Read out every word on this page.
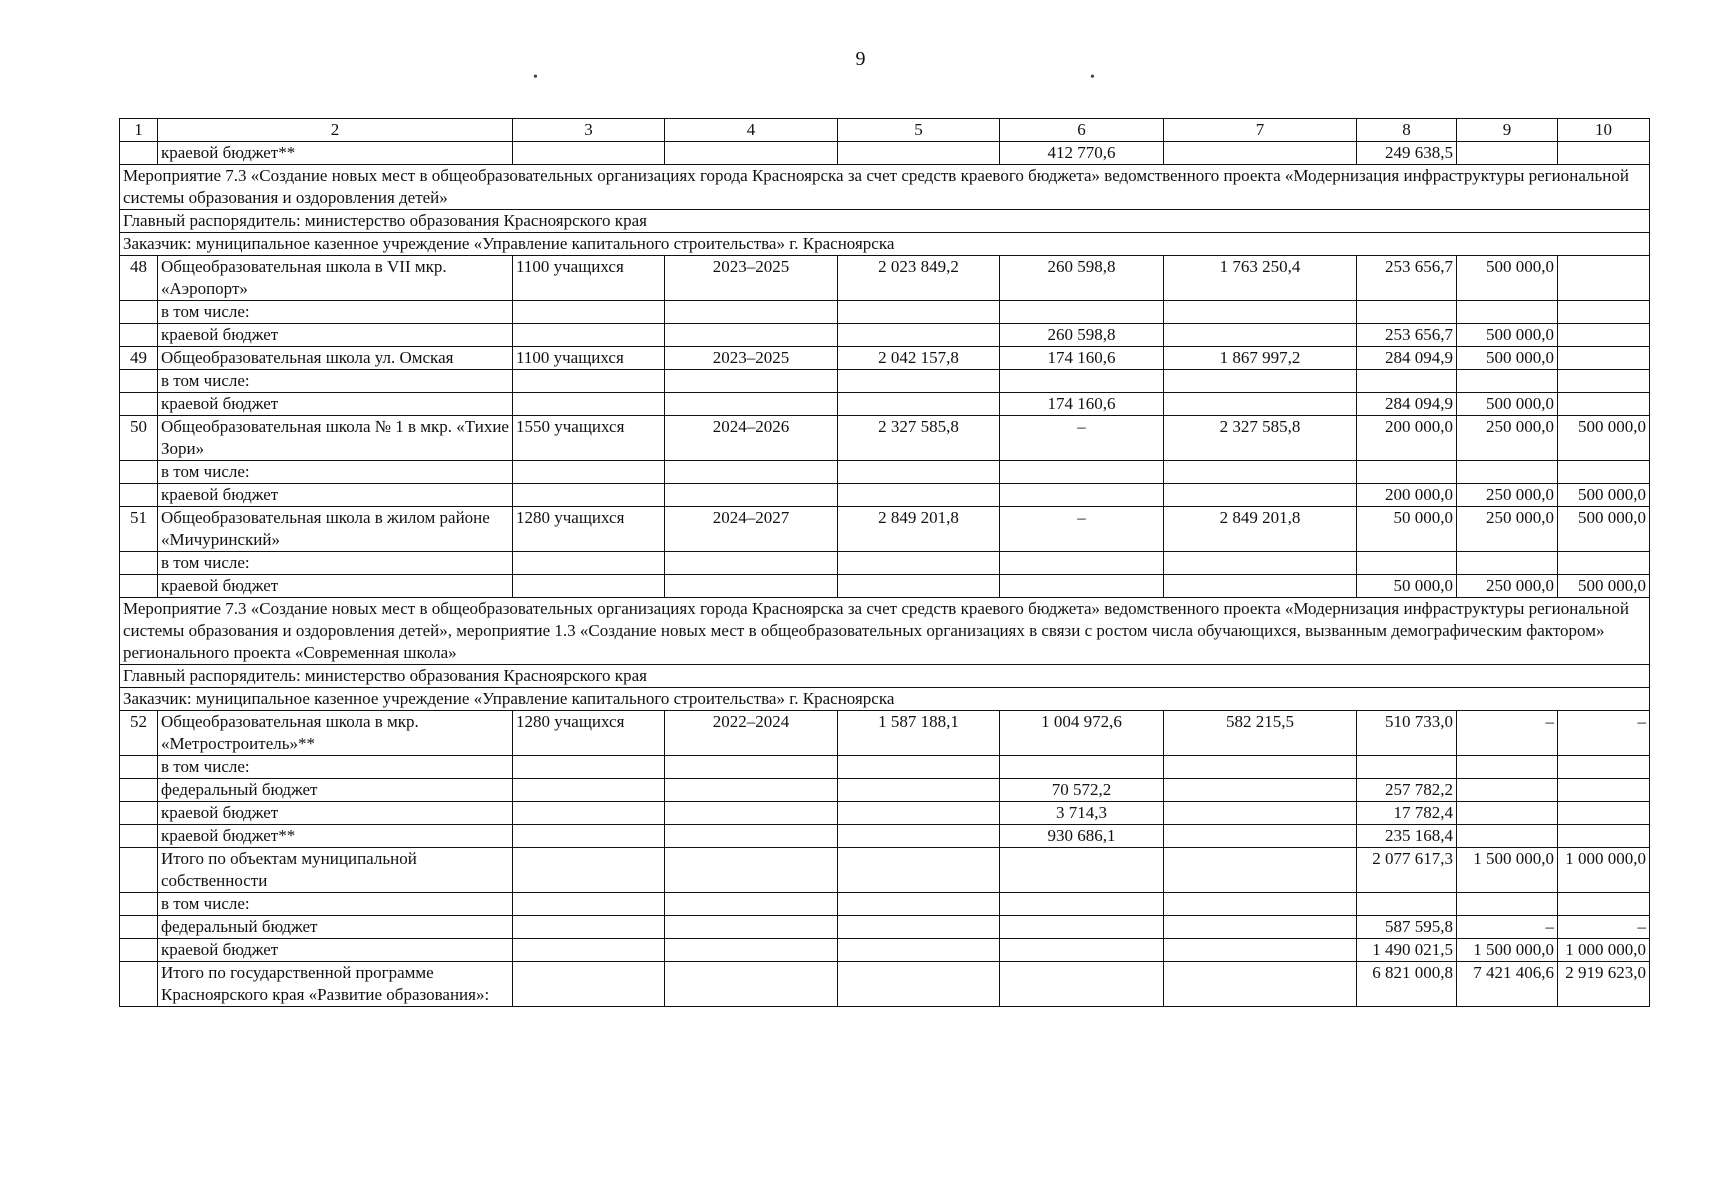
9
•	•
1	2	3	4	5	6	7	8	9	10
	краевой бюджет**				412 770,6		249 638,5		
Мероприятие 7.3 «Создание новых мест в общеобразовательных организациях города Красноярска за счет средств краевого бюджета» ведомственного проекта «Модернизация инфраструктуры региональной системы образования и оздоровления детей»									
Главный распорядитель: министерство образования Красноярского края									
Заказчик: муниципальное казенное учреждение «Управление капитального строительства» г. Красноярска									
48	Общеобразовательная школа в VII мкр. «Аэропорт»	1100 учащихся	2023–2025	2 023 849,2	260 598,8	1 763 250,4	253 656,7	500 000,0	
	в том числе:								
	краевой бюджет				260 598,8		253 656,7	500 000,0	
49	Общеобразовательная школа ул. Омская	1100 учащихся	2023–2025	2 042 157,8	174 160,6	1 867 997,2	284 094,9	500 000,0	
	в том числе:								
	краевой бюджет				174 160,6		284 094,9	500 000,0	
50	Общеобразовательная школа № 1 в мкр. «Тихие Зори»	1550 учащихся	2024–2026	2 327 585,8	–	2 327 585,8	200 000,0	250 000,0	500 000,0
	в том числе:								
	краевой бюджет						200 000,0	250 000,0	500 000,0
51	Общеобразовательная школа в жилом районе «Мичуринский»	1280 учащихся	2024–2027	2 849 201,8	–	2 849 201,8	50 000,0	250 000,0	500 000,0
	в том числе:								
	краевой бюджет						50 000,0	250 000,0	500 000,0
Мероприятие 7.3 «Создание новых мест в общеобразовательных организациях города Красноярска за счет средств краевого бюджета» ведомственного проекта «Модернизация инфраструктуры региональной системы образования и оздоровления детей», мероприятие 1.3 «Создание новых мест в общеобразовательных организациях в связи с ростом числа обучающихся, вызванным демографическим фактором» регионального проекта «Современная школа»									
Главный распорядитель: министерство образования Красноярского края									
Заказчик: муниципальное казенное учреждение «Управление капитального строительства» г. Красноярска									
52	Общеобразовательная школа в мкр. «Метростроитель»**	1280 учащихся	2022–2024	1 587 188,1	1 004 972,6	582 215,5	510 733,0	–	–
	в том числе:								
	федеральный бюджет				70 572,2		257 782,2		
	краевой бюджет				3 714,3		17 782,4		
	краевой бюджет**				930 686,1		235 168,4		
	Итого по объектам муниципальной собственности						2 077 617,3	1 500 000,0	1 000 000,0
	в том числе:								
	федеральный бюджет						587 595,8	–	–
	краевой бюджет						1 490 021,5	1 500 000,0	1 000 000,0
	Итого по государственной программе Красноярского края «Развитие образования»:						6 821 000,8	7 421 406,6	2 919 623,0
